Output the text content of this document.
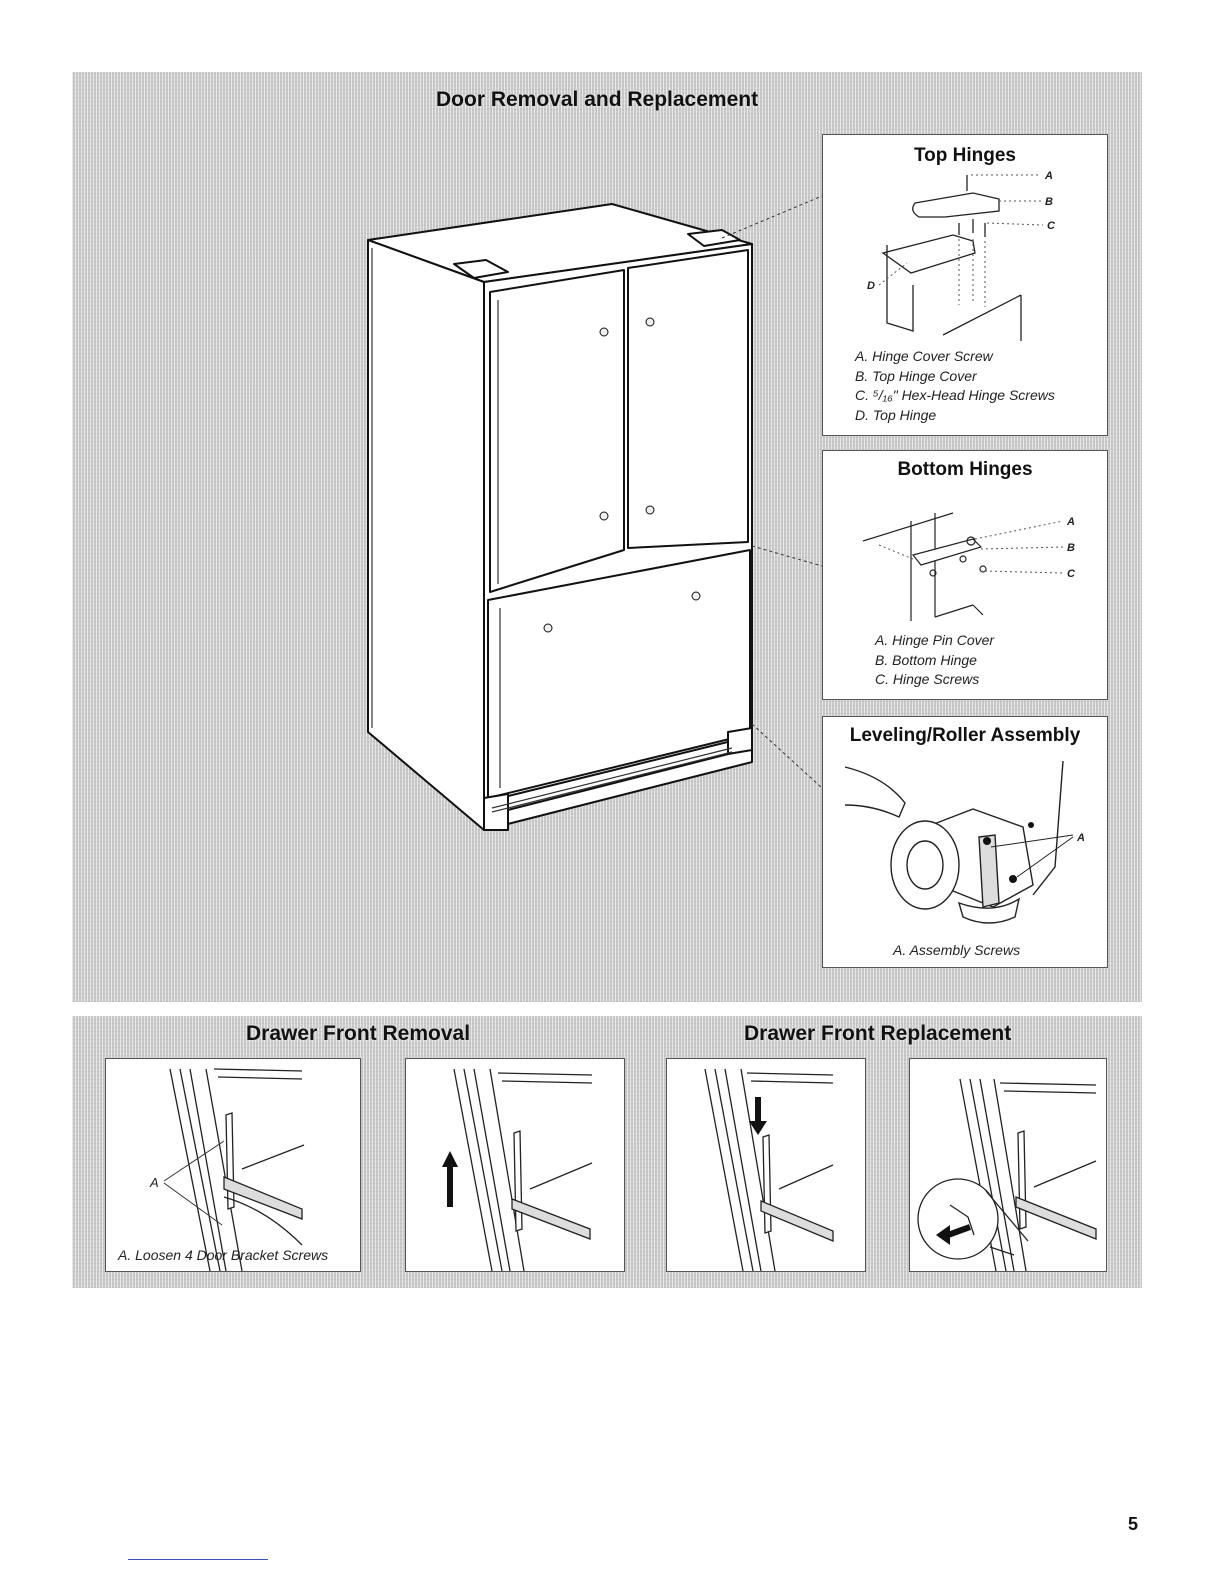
Door Removal and Replacement
Top Hinges
A
B
C
D
A. Hinge Cover Screw
B. Top Hinge Cover
C. ⁵/₁₆" Hex-Head Hinge Screws
D. Top Hinge
Bottom Hinges
A
B
C
A. Hinge Pin Cover
B. Bottom Hinge
C. Hinge Screws
Leveling/Roller Assembly
A
A. Assembly Screws
Drawer Front Removal	Drawer Front Replacement
A
A. Loosen 4 Door Bracket Screws
5
